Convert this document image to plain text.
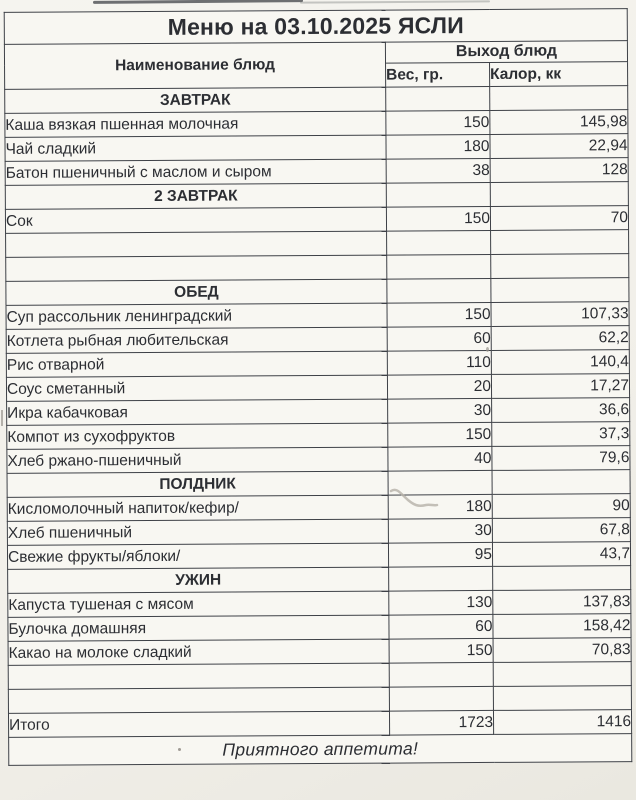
Меню на 03.10.2025 ЯСЛИ		
Наименование блюд	Выход блюд	
	Вес, гр.	Калор, кк
ЗАВТРАК		
Каша вязкая пшенная молочная	150	145,98
Чай сладкий	180	22,94
Батон пшеничный с маслом и сыром	38	128
2 ЗАВТРАК		
Сок	150	70

ОБЕД		
Суп рассольник ленинградский	150	107,33
Котлета рыбная любительская	60	62,2
Рис отварной	110	140,4
Соус сметанный	20	17,27
Икра кабачковая	30	36,6
Компот из сухофруктов	150	37,3
Хлеб ржано-пшеничный	40	79,6
ПОЛДНИК		
Кисломолочный напиток/кефир/	180	90
Хлеб пшеничный	30	67,8
Свежие фрукты/яблоки/	95	43,7
УЖИН		
Капуста тушеная с мясом	130	137,83
Булочка домашняя	60	158,42
Какао на молоке сладкий	150	70,83

Итого	1723	1416
Приятного аппетита!		
